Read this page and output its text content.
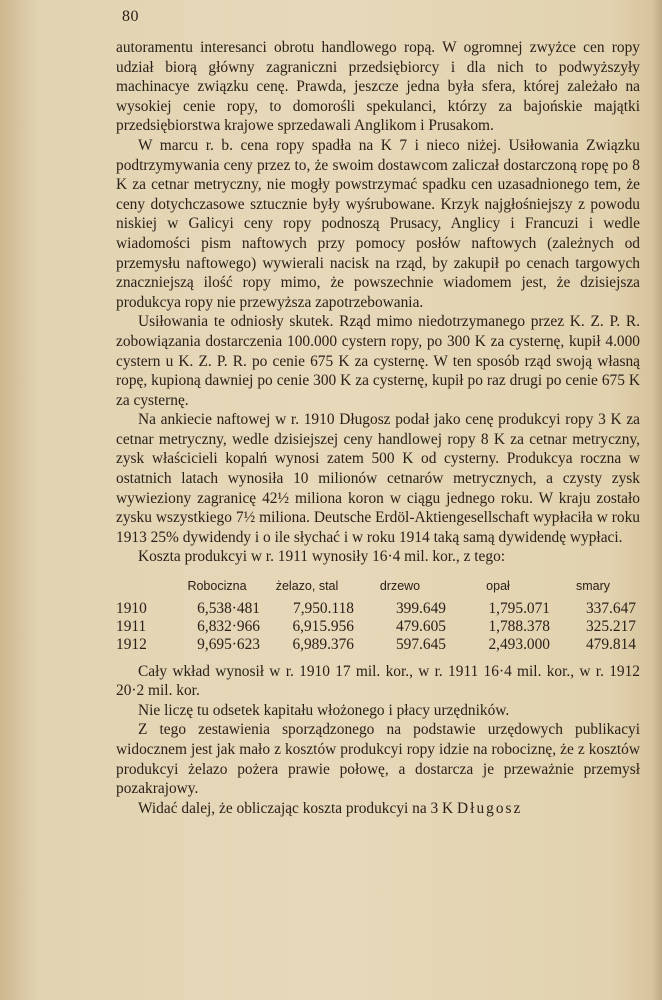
80

autoramentu interesanci obrotu handlowego ropą. W ogromnej zwyżce cen ropy udział biorą główny zagraniczni przedsiębiorcy i dla nich to podwyższyły machinacye związku cenę. Prawda, jeszcze jedna była sfera, której zależało na wysokiej cenie ropy, to domorośli spekulanci, którzy za bajońskie majątki przedsiębiorstwa krajowe sprzedawali Anglikom i Prusakom.

W marcu r. b. cena ropy spadła na K 7 i nieco niżej. Usiłowania Związku podtrzymywania ceny przez to, że swoim dostawcom zaliczał dostarczoną ropę po 8 K za cetnar metryczny, nie mogły powstrzymać spadku cen uzasadnionego tem, że ceny dotychczasowe sztucznie były wyśrubowane. Krzyk najgłośniejszy z powodu niskiej w Galicyi ceny ropy podnoszą Prusacy, Anglicy i Francuzi i wedle wiadomości pism naftowych przy pomocy posłów naftowych (zależnych od przemysłu naftowego) wywierali nacisk na rząd, by zakupił po cenach targowych znaczniejszą ilość ropy mimo, że powszechnie wiadomem jest, że dzisiejsza produkcya ropy nie przewyższa zapotrzebowania.

Usiłowania te odniosły skutek. Rząd mimo niedotrzymanego przez K. Z. P. R. zobowiązania dostarczenia 100.000 cystern ropy, po 300 K za cysternę, kupił 4.000 cystern u K. Z. P. R. po cenie 675 K za cysternę. W ten sposób rząd swoją własną ropę, kupioną dawniej po cenie 300 K za cysternę, kupił po raz drugi po cenie 675 K za cysternę.

Na ankiecie naftowej w r. 1910 Długosz podał jako cenę produkcyi ropy 3 K za cetnar metryczny, wedle dzisiejszej ceny handlowej ropy 8 K za cetnar metryczny, zysk właścicieli kopalń wynosi zatem 500 K od cysterny. Produkcya roczna w ostatnich latach wynosiła 10 milionów cetnarów metrycznych, a czysty zysk wywieziony zagranicę 42½ miliona koron w ciągu jednego roku. W kraju zostało zysku wszystkiego 7½ miliona. Deutsche Erdöl-Aktiengesellschaft wypłaciła w roku 1913 25% dywidendy i o ile słychać i w roku 1914 taką samą dywidendę wypłaci.

Koszta produkcyi w r. 1911 wynosiły 16·4 mil. kor., z tego:

	Robocizna	żelazo, stal	drzewo	opał	smary
1910	6,538·481	7,950.118	399.649	1,795.071	337.647
1911	6,832·966	6,915.956	479.605	1,788.378	325.217
1912	9,695·623	6,989.376	597.645	2,493.000	479.814

Cały wkład wynosił w r. 1910 17 mil. kor., w r. 1911 16·4 mil. kor., w r. 1912 20·2 mil. kor.

Nie liczę tu odsetek kapitału włożonego i płacy urzędników.

Z tego zestawienia sporządzonego na podstawie urzędowych publikacyi widocznem jest jak mało z kosztów produkcyi ropy idzie na robociznę, że z kosztów produkcyi żelazo pożera prawie połowę, a dostarcza je przeważnie przemysł pozakrajowy.

Widać dalej, że obliczając koszta produkcyi na 3 K Długosz
